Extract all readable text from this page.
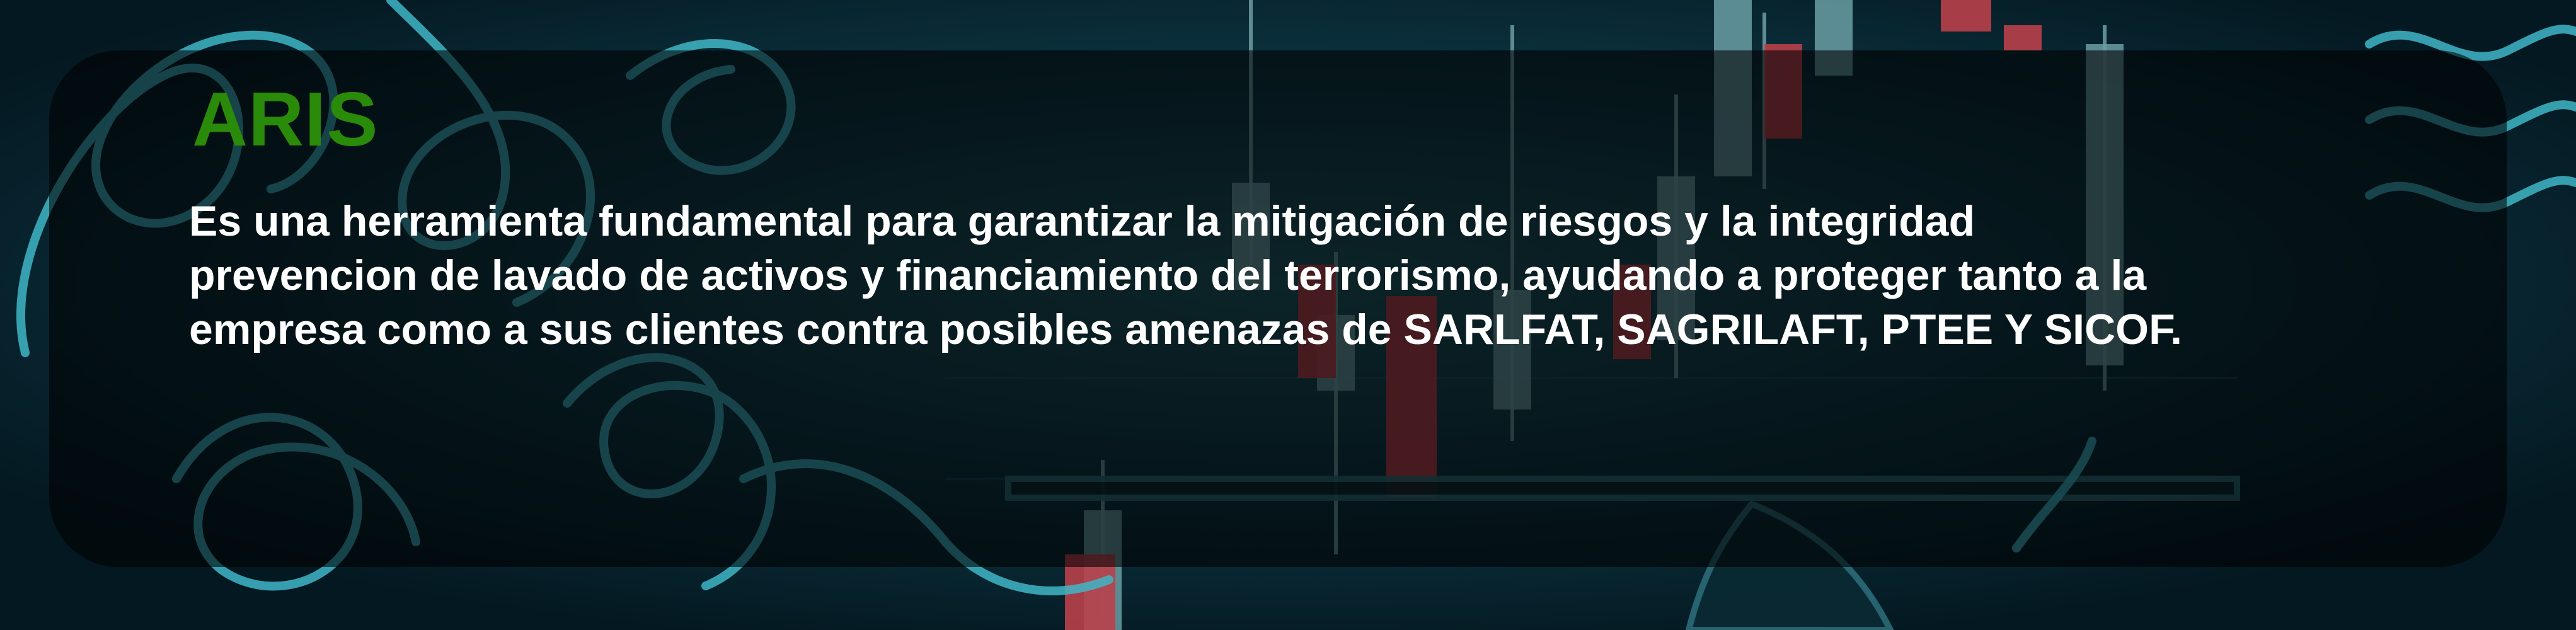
ARIS

Es una herramienta fundamental para garantizar la mitigación de riesgos y la integridad
prevencion de lavado de activos y financiamiento del terrorismo, ayudando a proteger tanto a la
empresa como a sus clientes contra posibles amenazas de SARLFAT, SAGRILAFT, PTEE Y SICOF.
